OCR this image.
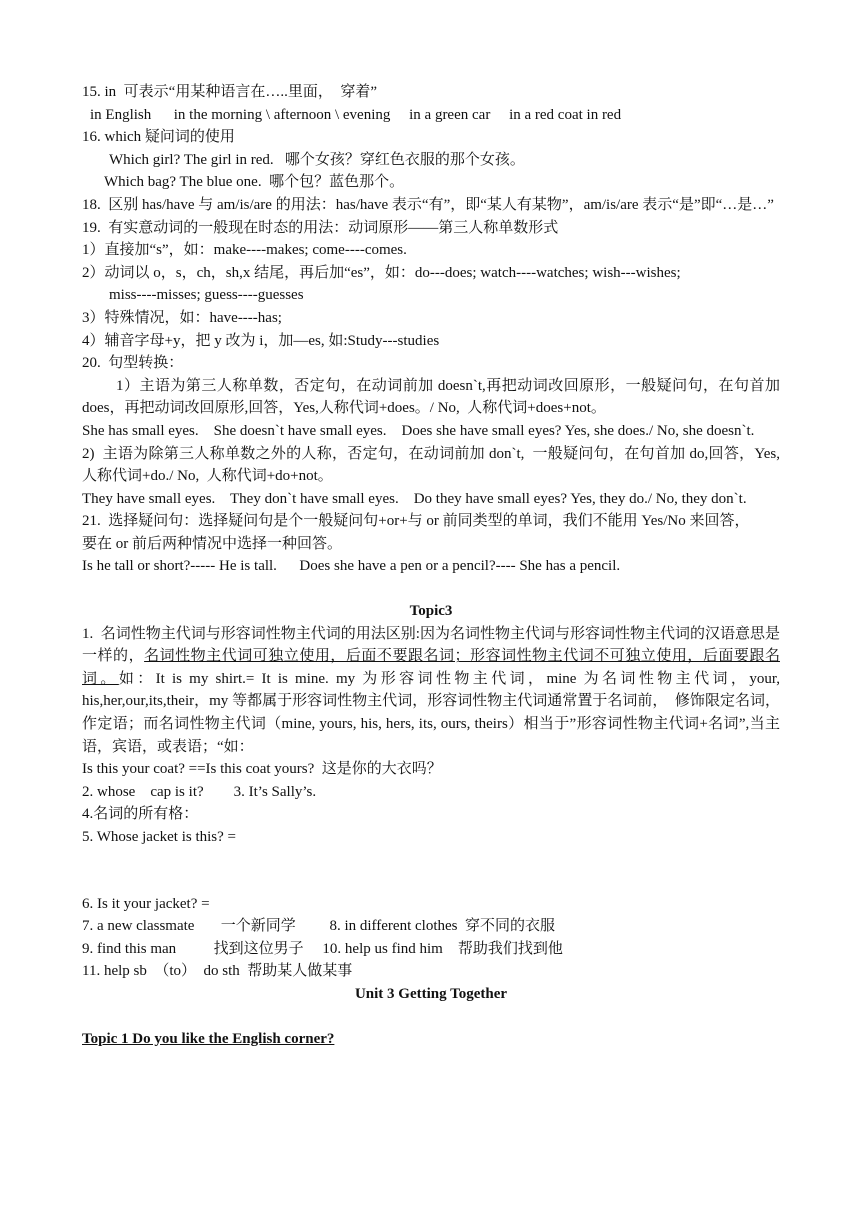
15. in  可表示“用某种语言在…..里面，  穿着”

in English      in the morning \ afternoon \ evening     in a green car     in a red coat in red

16. which 疑问词的使用

Which girl? The girl in red.   哪个女孩？穿红色衣服的那个女孩。

Which bag? The blue one.  哪个包？蓝色那个。

18.  区别 has/have 与 am/is/are 的用法：has/have 表示“有”，即“某人有某物”，am/is/are 表示“是”即“…是…”

19.  有实意动词的一般现在时态的用法：动词原形——第三人称单数形式

1）直接加“s”，如：make----makes; come----comes.

2）动词以 o，s，ch，sh,x 结尾，再后加“es”，如：do---does; watch----watches; wish---wishes;

miss----misses; guess----guesses

3）特殊情况，如：have----has;

4）辅音字母+y，把 y 改为 i，加—es, 如:Study---studies

20.  句型转换：

1）主语为第三人称单数，否定句，在动词前加 doesn`t,再把动词改回原形，一般疑问句，在句首加 does，再把动词改回原形,回答，Yes,人称代词+does。/ No,  人称代词+does+not。

She has small eyes.    She doesn`t have small eyes.    Does she have small eyes? Yes, she does./ No, she doesn`t.

2)  主语为除第三人称单数之外的人称，否定句，在动词前加 don`t,  一般疑问句，在句首加 do,回答，Yes,人称代词+do./ No,  人称代词+do+not。

They have small eyes.    They don`t have small eyes.    Do they have small eyes? Yes, they do./ No, they don`t.

21.  选择疑问句：选择疑问句是个一般疑问句+or+与 or 前同类型的单词，我们不能用 Yes/No 来回答，

要在 or 前后两种情况中选择一种回答。

Is he tall or short?----- He is tall.      Does she have a pen or a pencil?---- She has a pencil.

Topic3

1.  名词性物主代词与形容词性物主代词的用法区别:因为名词性物主代词与形容词性物主代词的汉语意思是一样的，名词性物主代词可独立使用，后面不要跟名词；形容词性物主代词不可独立使用，后面要跟名词。如：It is my shirt.= It is mine. my 为形容词性物主代词，mine 为名词性物主代词，your, his,her,our,its,their，my 等都属于形容词性物主代词，形容词性物主代词通常置于名词前，  修饰限定名词，作定语；而名词性物主代词（mine, yours, his, hers, its, ours, theirs）相当于”形容词性物主代词+名词”,当主语，宾语，或表语；“如：

Is this your coat? ==Is this coat yours?  这是你的大衣吗？

2. whose    cap is it?        3. It’s Sally’s.

4.名词的所有格：

5. Whose jacket is this? =

6. Is it your jacket? =

7. a new classmate       一个新同学         8. in different clothes  穿不同的衣服

9. find this man          找到这位男子     10. help us find him    帮助我们找到他

11. help sb  （to）  do sth  帮助某人做某事

Unit 3 Getting Together

Topic 1 Do you like the English corner?
